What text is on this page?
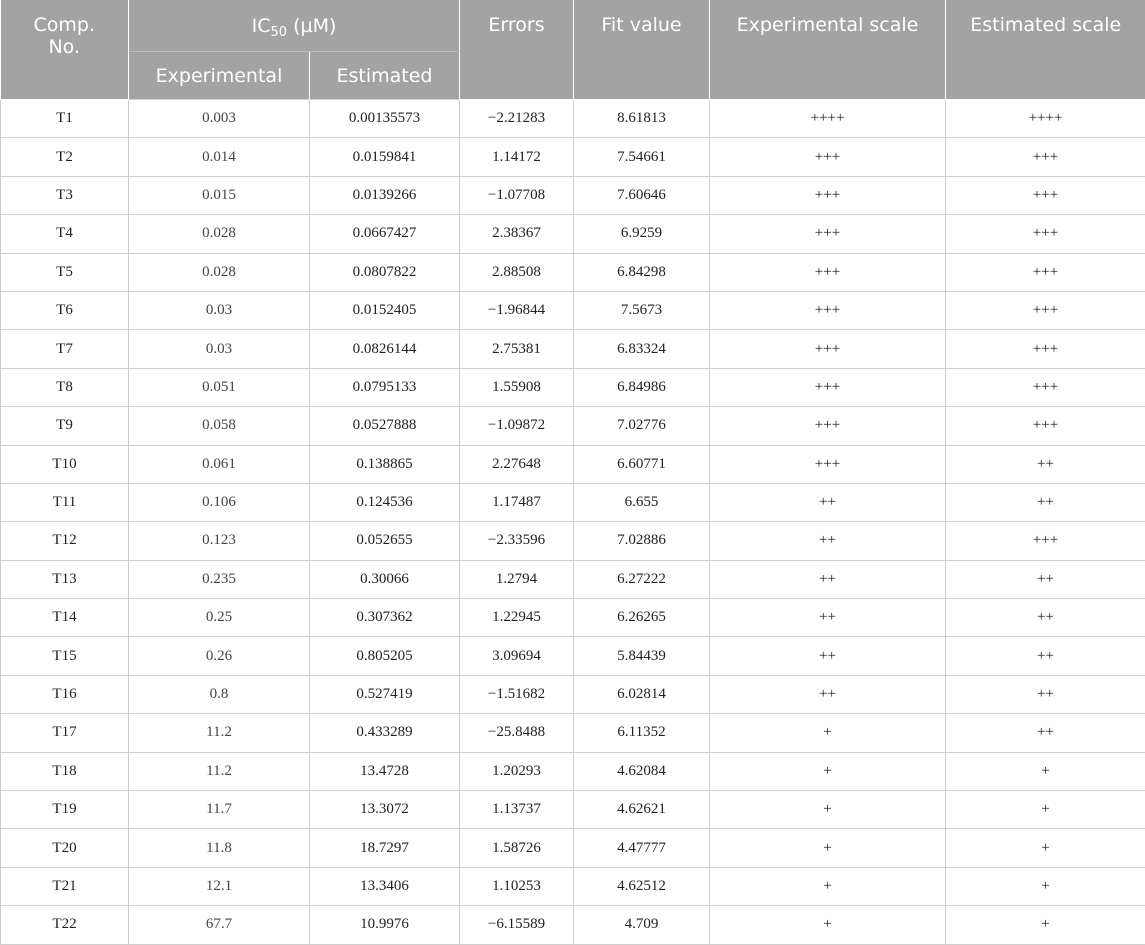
Comp. No.	$IC_{50}$ (µM)		Errors	Fit value	Experimental scale	Estimated scale
	Experimental	Estimated				
T1	0.003	0.00135573	−2.21283	8.61813	++++	++++
T2	0.014	0.0159841	1.14172	7.54661	+++	+++
T3	0.015	0.0139266	−1.07708	7.60646	+++	+++
T4	0.028	0.0667427	2.38367	6.9259	+++	+++
T5	0.028	0.0807822	2.88508	6.84298	+++	+++
T6	0.03	0.0152405	−1.96844	7.5673	+++	+++
T7	0.03	0.0826144	2.75381	6.83324	+++	+++
T8	0.051	0.0795133	1.55908	6.84986	+++	+++
T9	0.058	0.0527888	−1.09872	7.02776	+++	+++
T10	0.061	0.138865	2.27648	6.60771	+++	++
T11	0.106	0.124536	1.17487	6.655	++	++
T12	0.123	0.052655	−2.33596	7.02886	++	+++
T13	0.235	0.30066	1.2794	6.27222	++	++
T14	0.25	0.307362	1.22945	6.26265	++	++
T15	0.26	0.805205	3.09694	5.84439	++	++
T16	0.8	0.527419	−1.51682	6.02814	++	++
T17	11.2	0.433289	−25.8488	6.11352	+	++
T18	11.2	13.4728	1.20293	4.62084	+	+
T19	11.7	13.3072	1.13737	4.62621	+	+
T20	11.8	18.7297	1.58726	4.47777	+	+
T21	12.1	13.3406	1.10253	4.62512	+	+
T22	67.7	10.9976	−6.15589	4.709	+	+
